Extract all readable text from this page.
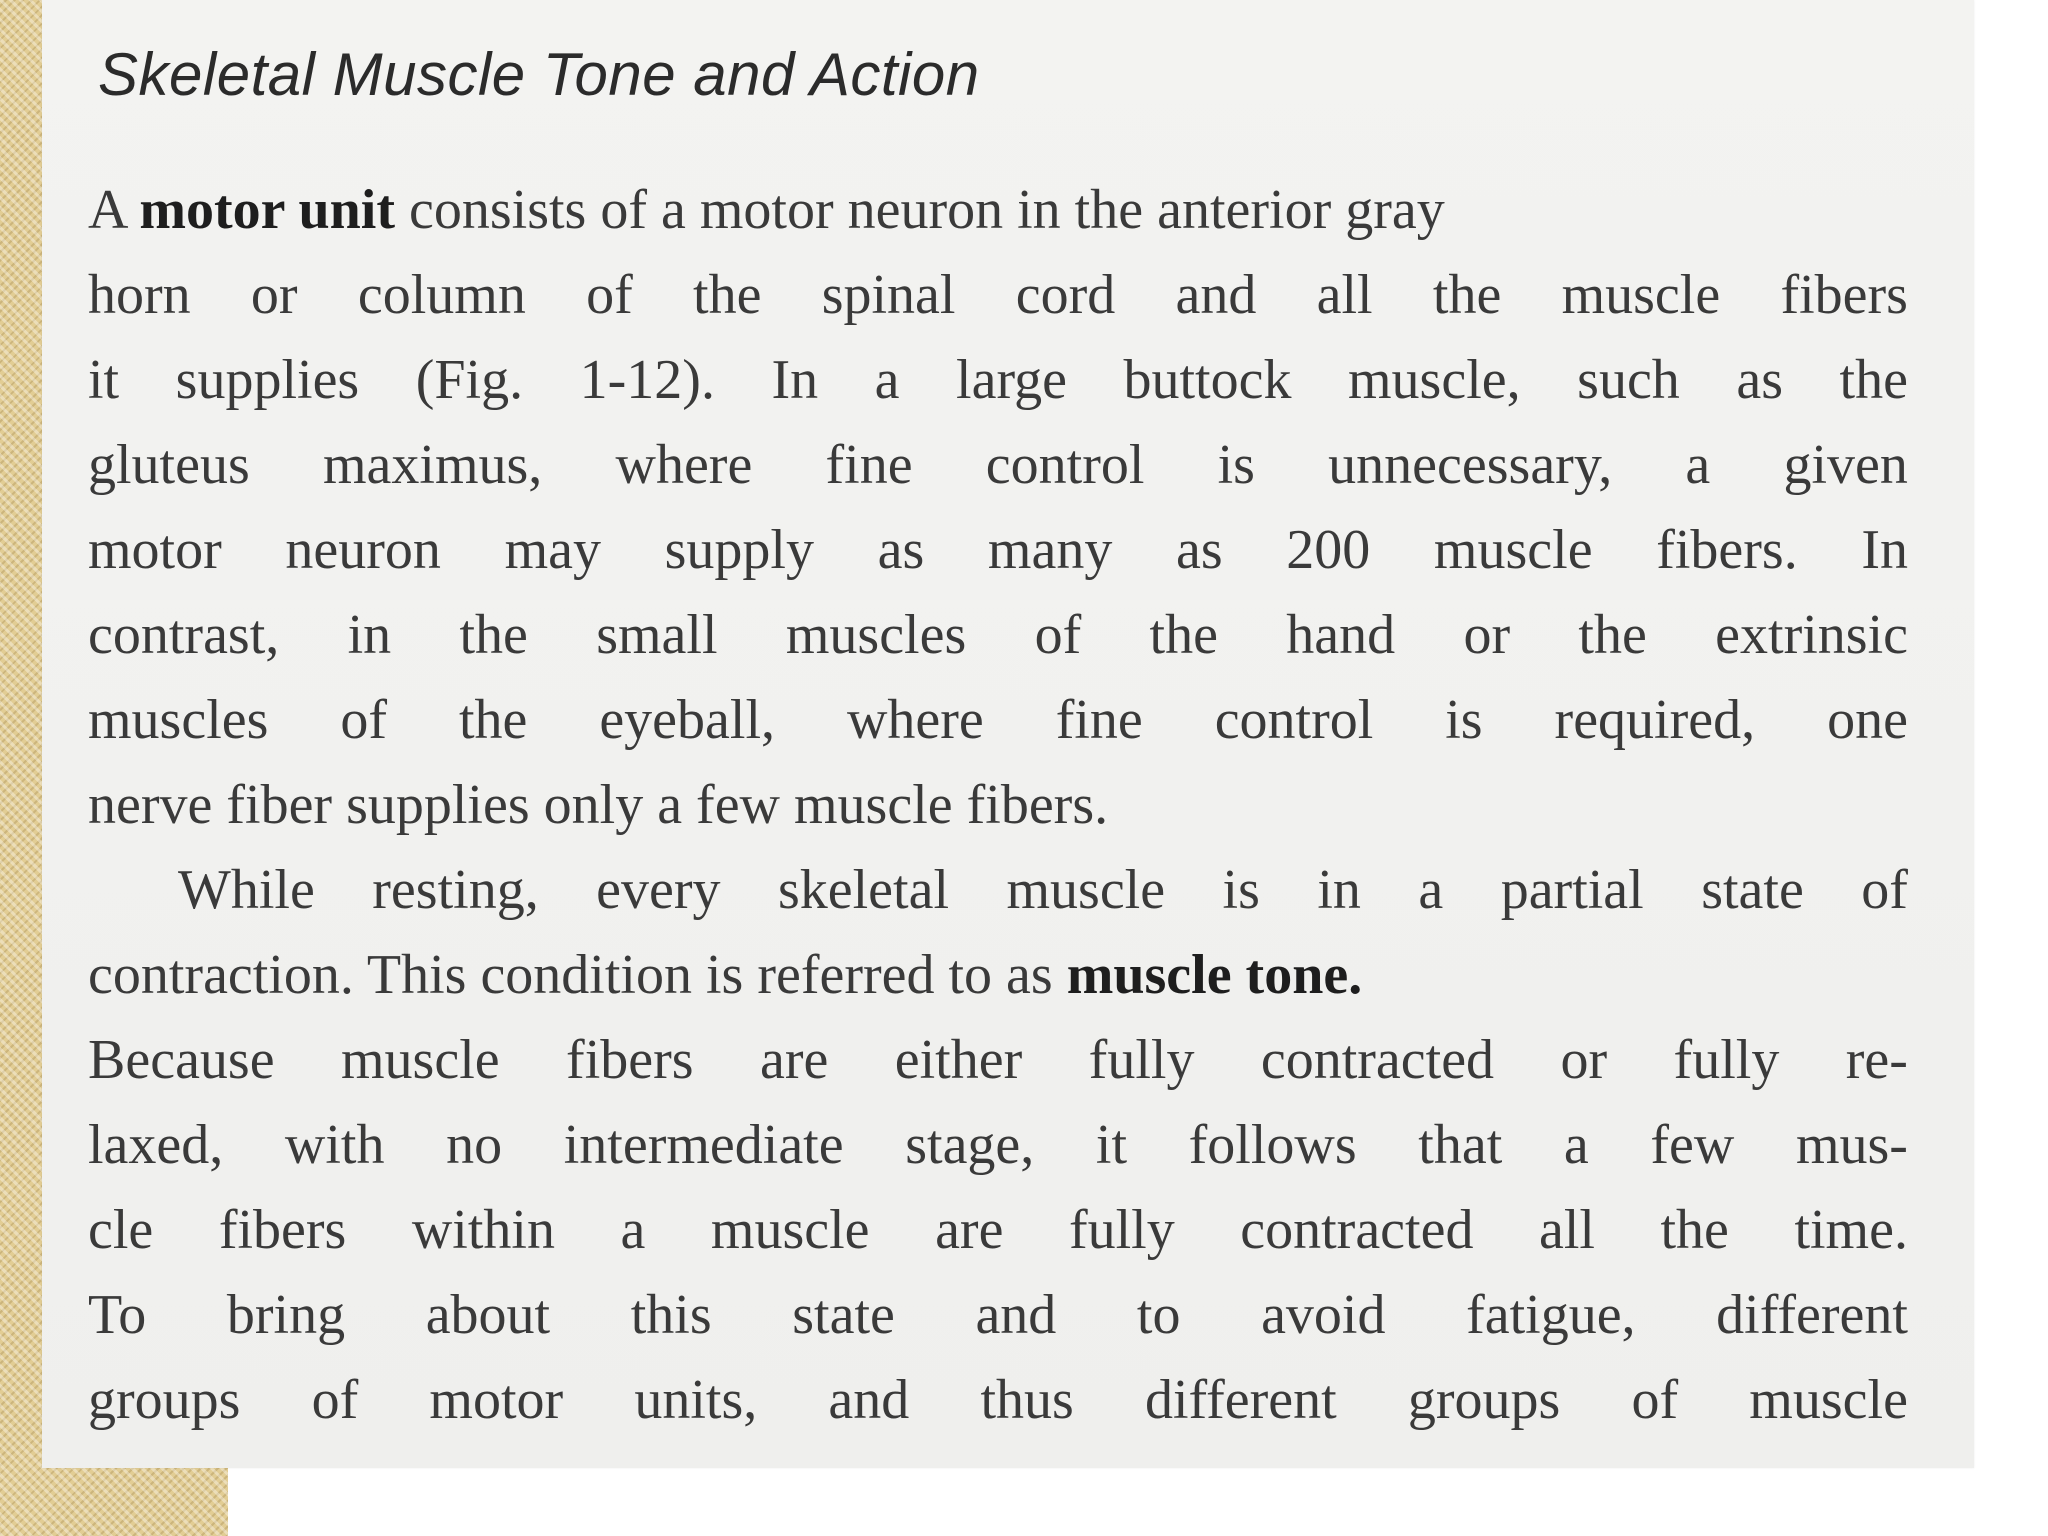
Skeletal Muscle Tone and Action
A motor unit consists of a motor neuron in the anterior gray
horn or column of the spinal cord and all the muscle fibers
it supplies (Fig. 1-12). In a large buttock muscle, such as the
gluteus maximus, where fine control is unnecessary, a given
motor neuron may supply as many as 200 muscle fibers. In
contrast, in the small muscles of the hand or the extrinsic
muscles of the eyeball, where fine control is required, one
nerve fiber supplies only a few muscle fibers.
While resting, every skeletal muscle is in a partial state of
contraction. This condition is referred to as muscle tone.
Because muscle fibers are either fully contracted or fully re-
laxed, with no intermediate stage, it follows that a few mus-
cle fibers within a muscle are fully contracted all the time.
To bring about this state and to avoid fatigue, different
groups of motor units, and thus different groups of muscle
